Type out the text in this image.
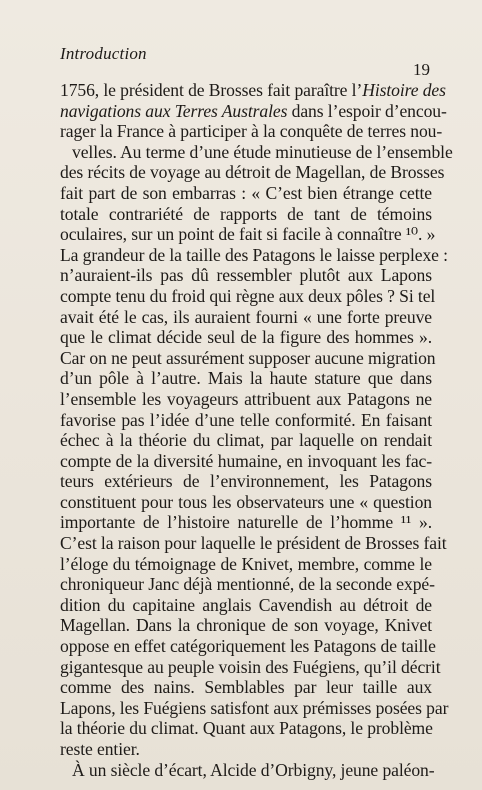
Introduction
19
1756, le président de Brosses fait paraître l’Histoire des
navigations aux Terres Australes dans l’espoir d’encou-
rager la France à participer à la conquête de terres nou-
velles. Au terme d’une étude minutieuse de l’ensemble
des récits de voyage au détroit de Magellan, de Brosses
fait part de son embarras : « C’est bien étrange cette
totale contrariété de rapports de tant de témoins
oculaires, sur un point de fait si facile à connaître ¹⁰. »
La grandeur de la taille des Patagons le laisse perplexe :
n’auraient-ils pas dû ressembler plutôt aux Lapons
compte tenu du froid qui règne aux deux pôles ? Si tel
avait été le cas, ils auraient fourni « une forte preuve
que le climat décide seul de la figure des hommes ».
Car on ne peut assurément supposer aucune migration
d’un pôle à l’autre. Mais la haute stature que dans
l’ensemble les voyageurs attribuent aux Patagons ne
favorise pas l’idée d’une telle conformité. En faisant
échec à la théorie du climat, par laquelle on rendait
compte de la diversité humaine, en invoquant les fac-
teurs extérieurs de l’environnement, les Patagons
constituent pour tous les observateurs une « question
importante de l’histoire naturelle de l’homme ¹¹ ».
C’est la raison pour laquelle le président de Brosses fait
l’éloge du témoignage de Knivet, membre, comme le
chroniqueur Janc déjà mentionné, de la seconde expé-
dition du capitaine anglais Cavendish au détroit de
Magellan. Dans la chronique de son voyage, Knivet
oppose en effet catégoriquement les Patagons de taille
gigantesque au peuple voisin des Fuégiens, qu’il décrit
comme des nains. Semblables par leur taille aux
Lapons, les Fuégiens satisfont aux prémisses posées par
la théorie du climat. Quant aux Patagons, le problème
reste entier.
À un siècle d’écart, Alcide d’Orbigny, jeune paléon-
